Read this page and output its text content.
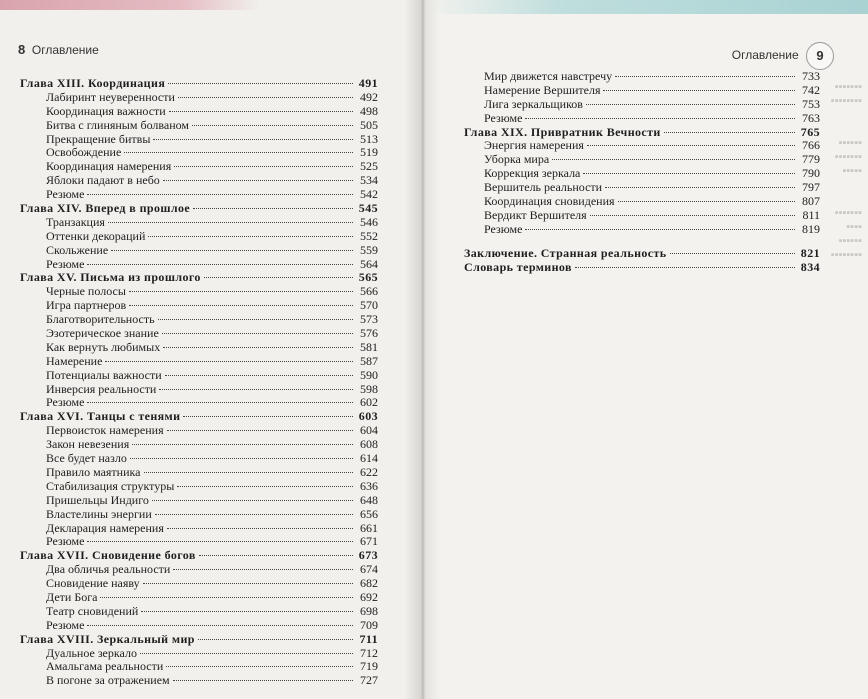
8 Оглавление
Глава XIII. Координация	491
Лабиринт неуверенности	492
Координация важности	498
Битва с глиняным болваном	505
Прекращение битвы	513
Освобождение	519
Координация намерения	525
Яблоки падают в небо	534
Резюме	542
Глава XIV. Вперед в прошлое	545
Транзакция	546
Оттенки декораций	552
Скольжение	559
Резюме	564
Глава XV. Письма из прошлого	565
Черные полосы	566
Игра партнеров	570
Благотворительность	573
Эзотерическое знание	576
Как вернуть любимых	581
Намерение	587
Потенциалы важности	590
Инверсия реальности	598
Резюме	602
Глава XVI. Танцы с тенями	603
Первоисток намерения	604
Закон невезения	608
Все будет назло	614
Правило маятника	622
Стабилизация структуры	636
Пришельцы Индиго	648
Властелины энергии	656
Декларация намерения	661
Резюме	671
Глава XVII. Сновидение богов	673
Два обличья реальности	674
Сновидение наяву	682
Дети Бога	692
Театр сновидений	698
Резюме	709
Глава XVIII. Зеркальный мир	711
Дуальное зеркало	712
Амальгама реальности	719
В погоне за отражением	727
Оглавление 9
Мир движется навстречу	733
Намерение Вершителя	742
Лига зеркальщиков	753
Резюме	763
Глава XIX. Привратник Вечности	765
Энергия намерения	766
Уборка мира	779
Коррекция зеркала	790
Вершитель реальности	797
Координация сновидения	807
Вердикт Вершителя	811
Резюме	819
Заключение. Странная реальность	821
Словарь терминов	834
▪▪▪▪▪▪▪
▪▪▪▪▪▪▪▪

▪▪▪▪▪▪
▪▪▪▪▪▪▪
▪▪▪▪▪

▪▪▪▪▪▪▪
▪▪▪▪
▪▪▪▪▪▪
▪▪▪▪▪▪▪▪
